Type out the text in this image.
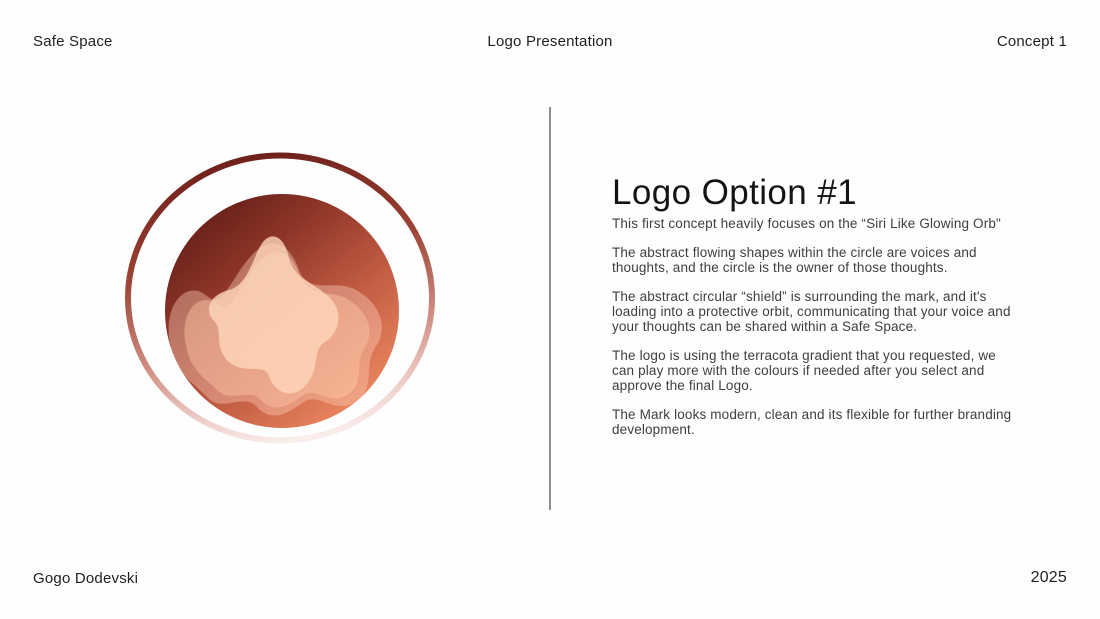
Safe Space	Logo Presentation	Concept 1
Logo Option #1

This first concept heavily focuses on the “Siri Like Glowing Orb"

The abstract flowing shapes within the circle are voices and thoughts, and the circle is the owner of those thoughts.

The abstract circular “shield” is surrounding the mark, and it's loading into a protective orbit, communicating that your voice and your thoughts can be shared within a Safe Space.

The logo is using the terracota gradient that you requested, we can play more with the colours if needed after you select and approve the final Logo.

The Mark looks modern, clean and its flexible for further branding development.

Gogo Dodevski	2025
